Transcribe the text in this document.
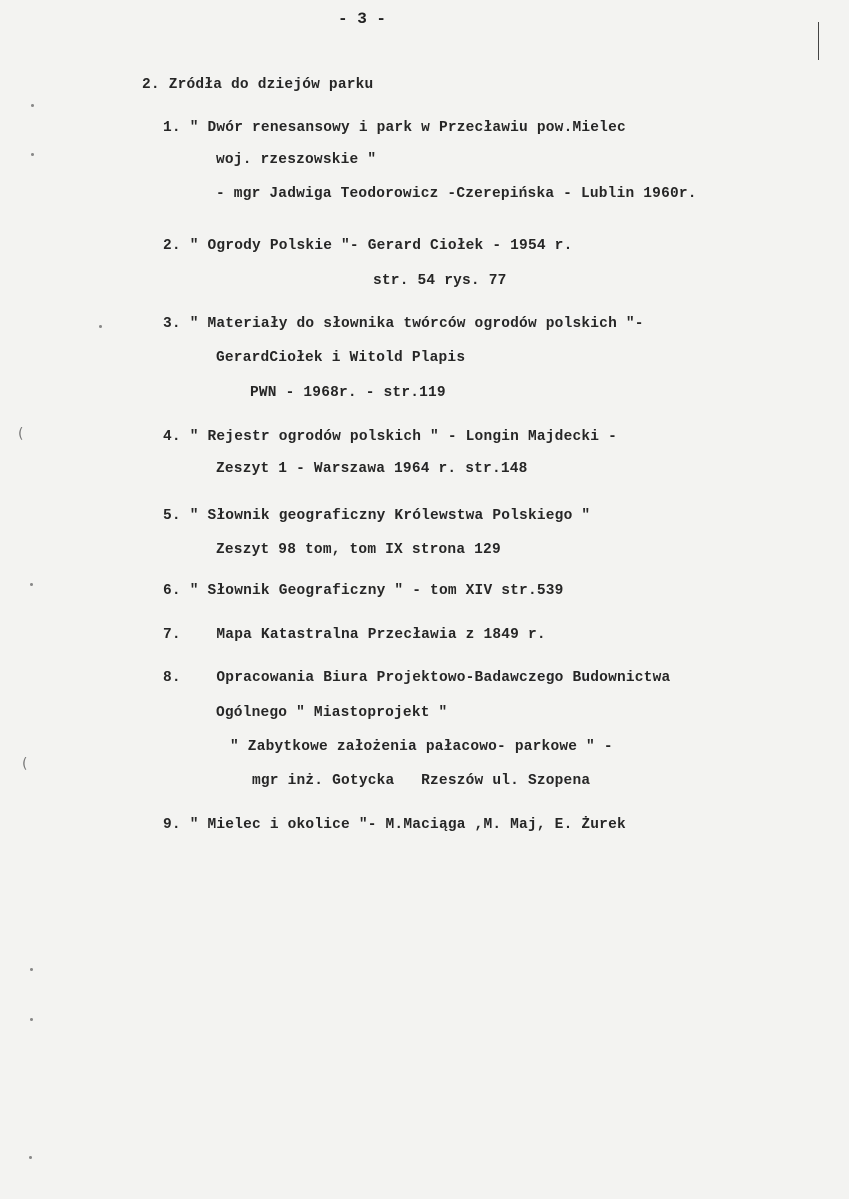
- 3 -
2. Zródła do dziejów parku
1. " Dwór renesansowy i park w Przecławiu pow.Mielec
woj. rzeszowskie "
- mgr Jadwiga Teodorowicz -Czerepińska - Lublin 1960r.
2. " Ogrody Polskie "- Gerard Ciołek - 1954 r.
str. 54 rys. 77
3. " Materiały do słownika twórców ogrodów polskich "-
GerardCiołek i Witold Plapis
PWN - 1968r. - str.119
4. " Rejestr ogrodów polskich " - Longin Majdecki -
Zeszyt 1 - Warszawa 1964 r. str.148
5. " Słownik geograficzny Królewstwa Polskiego "
Zeszyt 98 tom, tom IX strona 129
6. " Słownik Geograficzny " - tom XIV str.539
7.    Mapa Katastralna Przecławia z 1849 r.
8.    Opracowania Biura Projektowo-Badawczego Budownictwa
Ogólnego " Miastoprojekt "
" Zabytkowe założenia pałacowo- parkowe " -
mgr inż. Gotycka   Rzeszów ul. Szopena
9. " Mielec i okolice "- M.Maciąga ,M. Maj, E. Żurek
(
(
